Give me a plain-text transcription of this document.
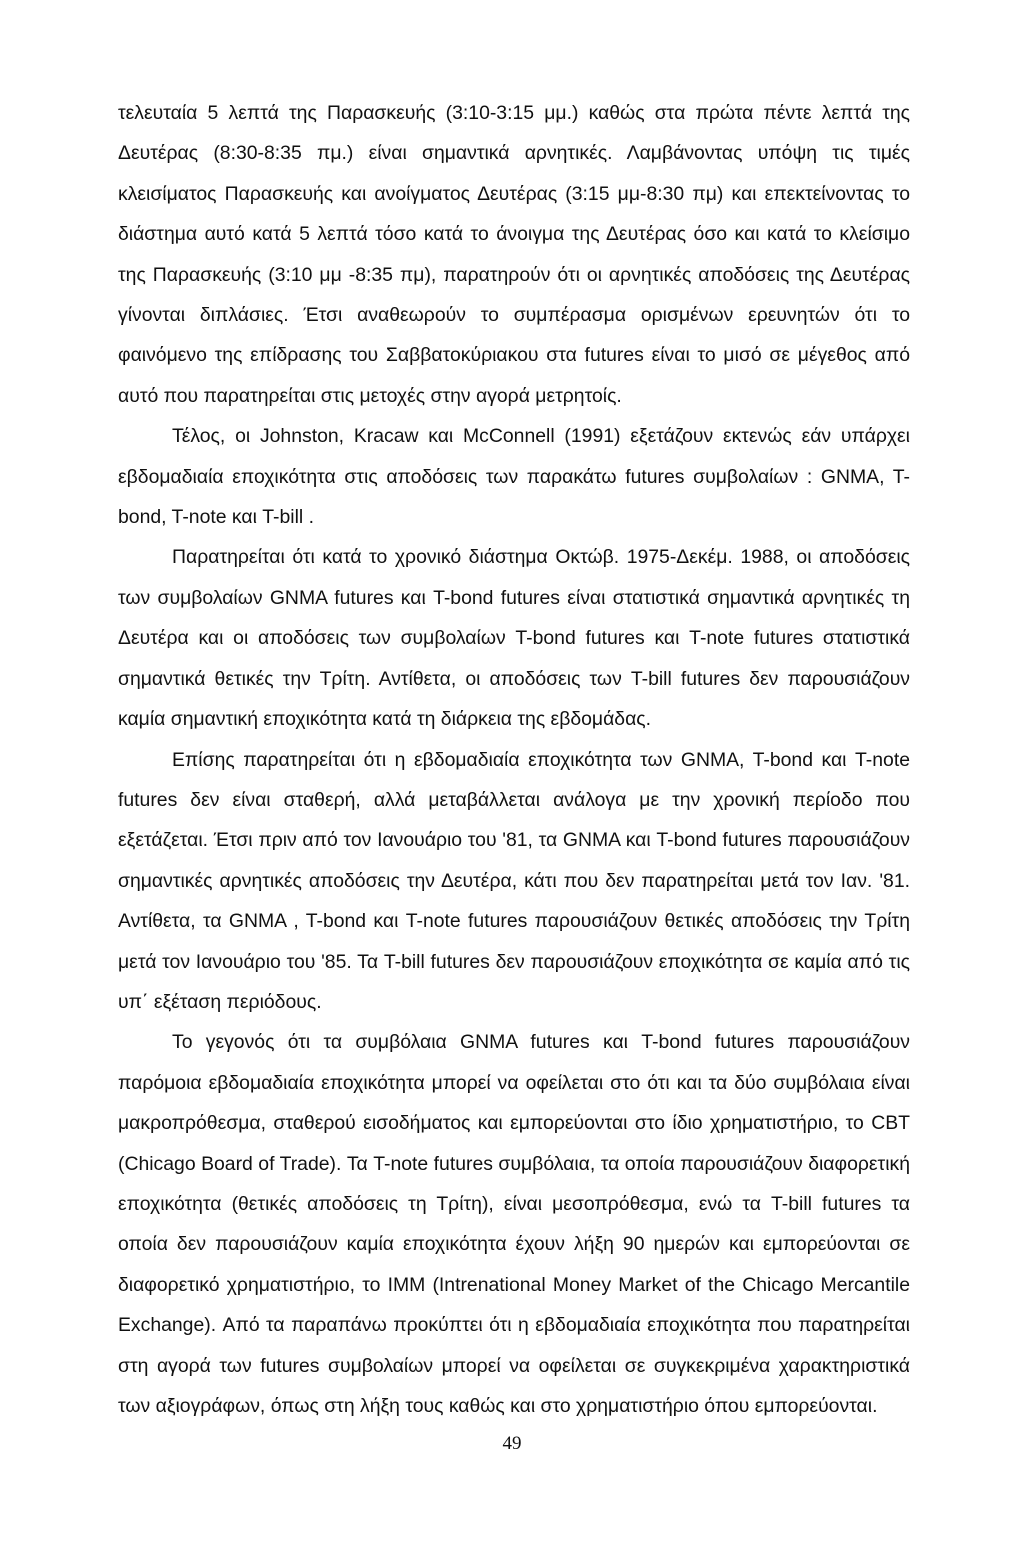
τελευταία 5 λεπτά της Παρασκευής (3:10-3:15 μμ.) καθώς στα πρώτα πέντε λεπτά της Δευτέρας (8:30-8:35 πμ.) είναι σημαντικά αρνητικές. Λαμβάνοντας υπόψη τις τιμές κλεισίματος Παρασκευής και ανοίγματος Δευτέρας (3:15 μμ-8:30 πμ) και επεκτείνοντας το διάστημα αυτό κατά 5 λεπτά τόσο κατά το άνοιγμα της Δευτέρας όσο και κατά το κλείσιμο της Παρασκευής (3:10 μμ -8:35 πμ), παρατηρούν ότι οι αρνητικές αποδόσεις της Δευτέρας γίνονται διπλάσιες. Έτσι αναθεωρούν το συμπέρασμα ορισμένων ερευνητών ότι το φαινόμενο της επίδρασης του Σαββατοκύριακου στα futures είναι το μισό σε μέγεθος από αυτό που παρατηρείται στις μετοχές στην αγορά μετρητοίς.

Τέλος, οι Johnston, Kracaw και McConnell (1991) εξετάζουν εκτενώς εάν υπάρχει εβδομαδιαία εποχικότητα στις αποδόσεις των παρακάτω futures συμβολαίων : GNMA, T-bond, T-note και T-bill .

Παρατηρείται ότι κατά το χρονικό διάστημα Οκτώβ. 1975-Δεκέμ. 1988, οι αποδόσεις των συμβολαίων GNMA futures και T-bond futures είναι στατιστικά σημαντικά αρνητικές τη Δευτέρα και οι αποδόσεις των συμβολαίων T-bond futures και T-note futures στατιστικά σημαντικά θετικές την Τρίτη. Αντίθετα, οι αποδόσεις των T-bill futures δεν παρουσιάζουν καμία σημαντική εποχικότητα κατά τη διάρκεια της εβδομάδας.

Επίσης παρατηρείται ότι η εβδομαδιαία εποχικότητα των GNMA, T-bond και T-note futures δεν είναι σταθερή, αλλά μεταβάλλεται ανάλογα με την χρονική περίοδο που εξετάζεται. Έτσι πριν από τον Ιανουάριο του '81, τα GNMA και T-bond futures παρουσιάζουν σημαντικές αρνητικές αποδόσεις την Δευτέρα, κάτι που δεν παρατηρείται μετά τον Ιαν. '81. Αντίθετα, τα GNMA , T-bond και T-note futures παρουσιάζουν θετικές αποδόσεις την Τρίτη μετά τον Ιανουάριο του '85. Τα T-bill futures δεν παρουσιάζουν εποχικότητα σε καμία από τις υπ΄ εξέταση περιόδους.

Το γεγονός ότι τα συμβόλαια GNMA futures και T-bond futures παρουσιάζουν παρόμοια εβδομαδιαία εποχικότητα μπορεί να οφείλεται στο ότι και τα δύο συμβόλαια είναι μακροπρόθεσμα, σταθερού εισοδήματος και εμπορεύονται στο ίδιο χρηματιστήριο, το CBT (Chicago Board of Trade). Τα T-note futures συμβόλαια, τα οποία παρουσιάζουν διαφορετική εποχικότητα (θετικές αποδόσεις τη Τρίτη), είναι μεσοπρόθεσμα, ενώ τα T-bill futures τα οποία δεν παρουσιάζουν καμία εποχικότητα έχουν λήξη 90 ημερών και εμπορεύονται σε διαφορετικό χρηματιστήριο, το IMM (Intrenational Money Market of the Chicago Mercantile Exchange). Από τα παραπάνω προκύπτει ότι η εβδομαδιαία εποχικότητα που παρατηρείται στη αγορά των futures συμβολαίων μπορεί να οφείλεται σε συγκεκριμένα χαρακτηριστικά των αξιογράφων, όπως στη λήξη τους καθώς και στο χρηματιστήριο όπου εμπορεύονται.

49
